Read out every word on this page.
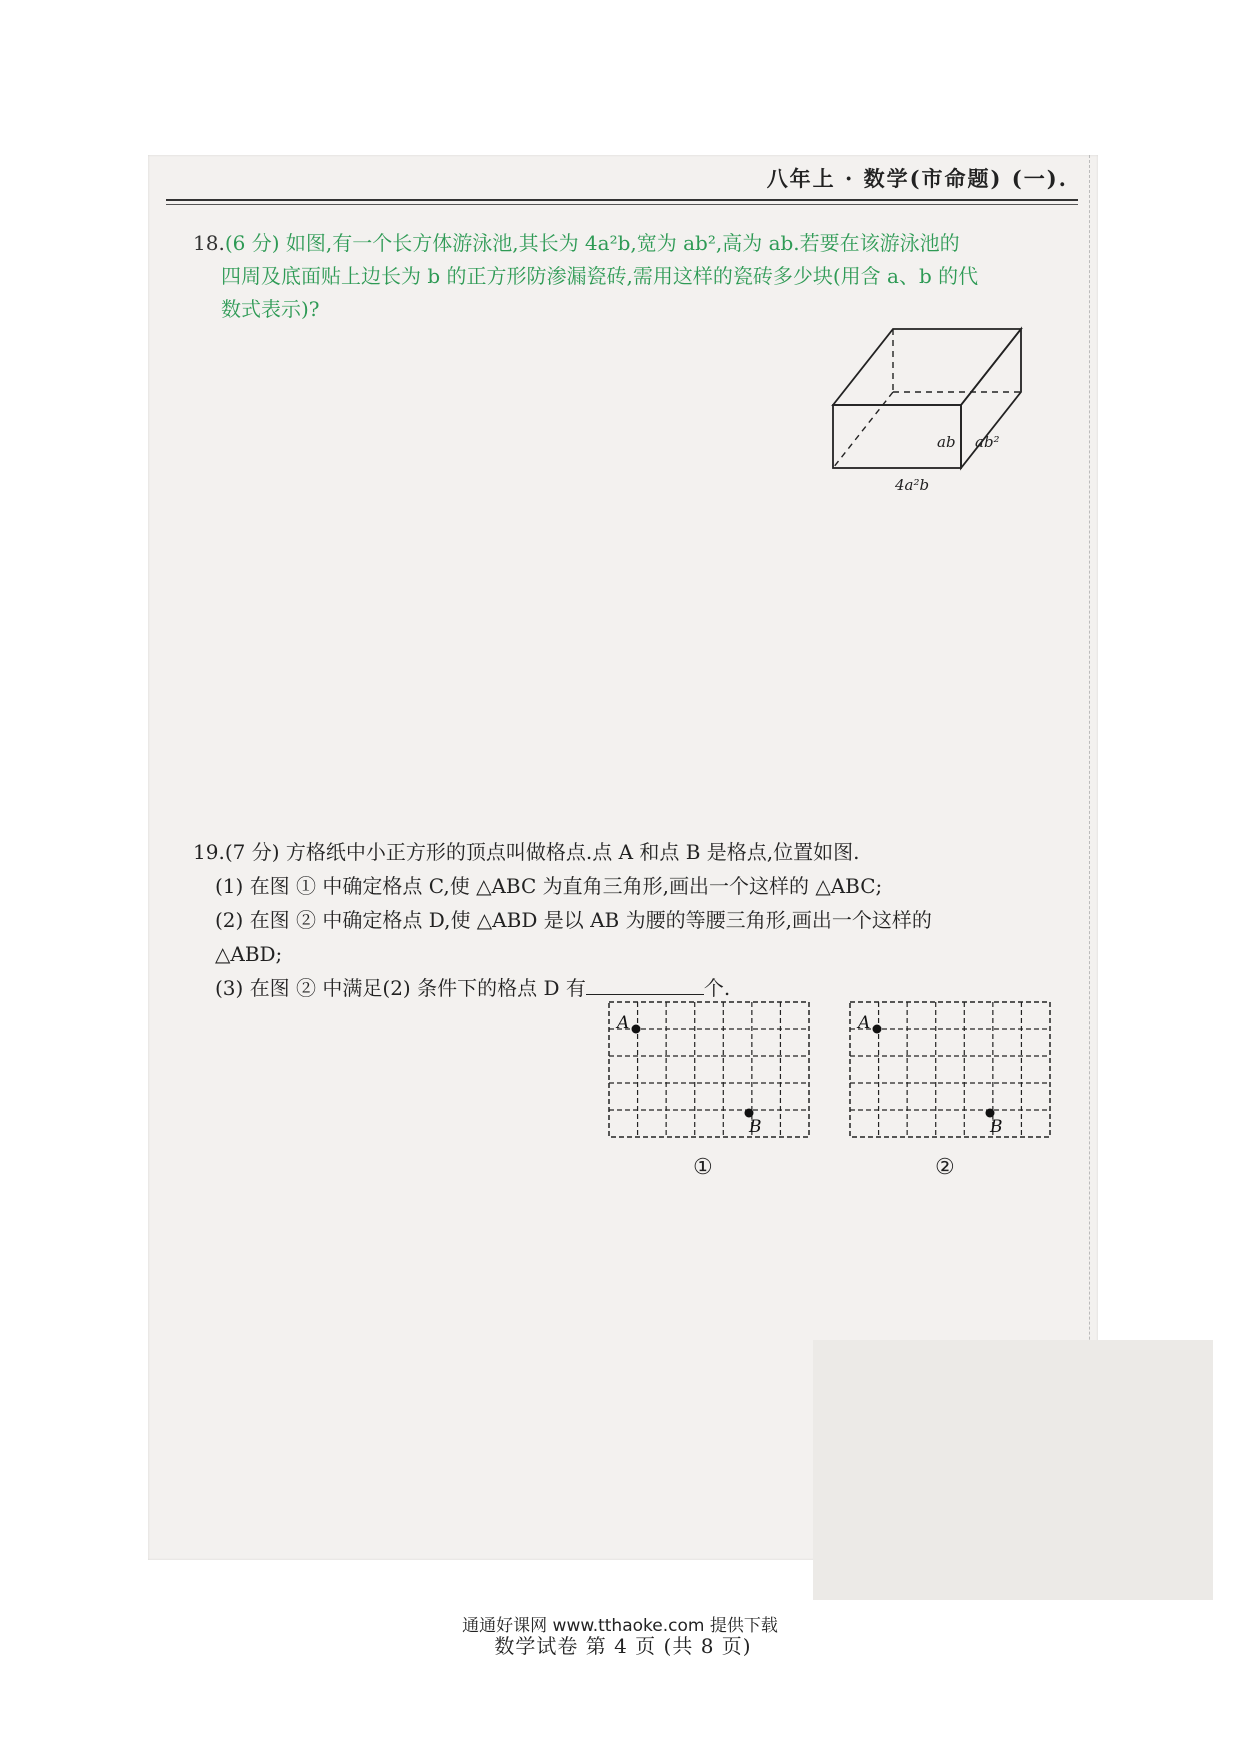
八年上 · 数学(市命题) (一).
18.(6 分) 如图,有一个长方体游泳池,其长为 4a²b,宽为 ab²,高为 ab.若要在该游泳池的
四周及底面贴上边长为 b 的正方形防渗漏瓷砖,需用这样的瓷砖多少块(用含 a、b 的代
数式表示)?

19.(7 分) 方格纸中小正方形的顶点叫做格点.点 A 和点 B 是格点,位置如图.

(1) 在图 ① 中确定格点 C,使 △ABC 为直角三角形,画出一个这样的 △ABC;

(2) 在图 ② 中确定格点 D,使 △ABD 是以 AB 为腰的等腰三角形,画出一个这样的

△ABD;

(3) 在图 ② 中满足(2) 条件下的格点 D 有	个.

数学试卷 第 4 页 (共 8 页)
ab ab²
4a²b
A
B
A
B
①	②
通通好课网 www.tthaoke.com 提供下载
